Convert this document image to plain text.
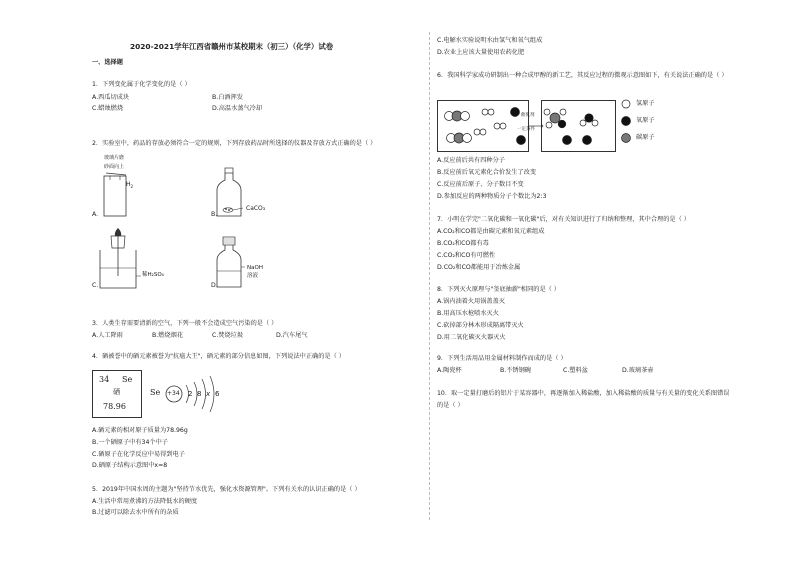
2020-2021学年江西省赣州市某校期末（初三）（化学）试卷
一、选择题
1．下列变化属于化学变化的是（ ）
A.西瓜切成块	B.白酒挥发
C.蜡烛燃烧	D.高温水蒸气冷却
2．实验室中，药品的存放必须符合一定的规则，下列存放药品时所选择的仪器及存放方式正确的是（ ）
玻璃片磨
砂面向上
A.
$H_2$
B.
CaCO₃
C.
稀H₂SO₄
D.
NaOH
溶液
3．人类生存需要清新的空气，下列一般不会造成空气污染的是（ ）
A.人工降雨	B.燃烧烟花	C.焚烧垃圾	D.汽车尾气
4．硒被誉中的硒元素被誉为"抗癌大王"，硒元素的部分信息如图，下列说法中正确的是（ ）
34 Se
硒
78.96
Se +34 2 8 x 6
A.硒元素的相对原子质量为78.96g
B.一个硒原子中有34个中子
C.硒原子在化学反应中易得到电子
D.硒原子结构示意图中x=8
5．2019年中国水周的主题为"坚持节水优先，强化水资源管理"。下列有关水的认识正确的是（ ）
A.生活中常用煮沸的方法降低水的硬度
B.过滤可以除去水中所有的杂质
C.电解水实验说明水由氢气和氧气组成
D.农业上应该大量使用农药化肥
6．我国科学家成功研制出一种合成甲醇的新工艺，其反应过程的微观示意图如下，有关说法正确的是（ ）
催化剂
一定条件
氢原子
氧原子
碳原子
A.反应前后共有四种分子
B.反应前后氧元素化合价发生了改变
C.反应前后原子、分子数目不变
D.参加反应的两种物质分子个数比为2:3
7．小明在学完"二氧化碳和一氧化碳"后，对有关知识进行了归纳和整理，其中合理的是（ ）
A.CO₂和CO都是由碳元素和氧元素组成
B.CO₂和CO都有毒
C.CO₂和CO有可燃性
D.CO₂和CO都能用于冶炼金属
8．下列灭火原理与"釜底抽薪"相同的是（ ）
A.锅内油着火用锅盖盖灭
B.用高压水枪喷水灭火
C.砍掉部分林木形成隔离带灭火
D.用二氧化碳灭火器灭火
9．下列生活用品用金属材料制作而成的是（ ）
A.陶瓷杯	B.不锈钢碗	C.塑料盆	D.玻璃茶壶
10．取一定量打磨后的铝片于某容器中，再逐渐加入稀盐酸，加入稀盐酸的质量与有关量的变化关系图错误
的是（ ）
